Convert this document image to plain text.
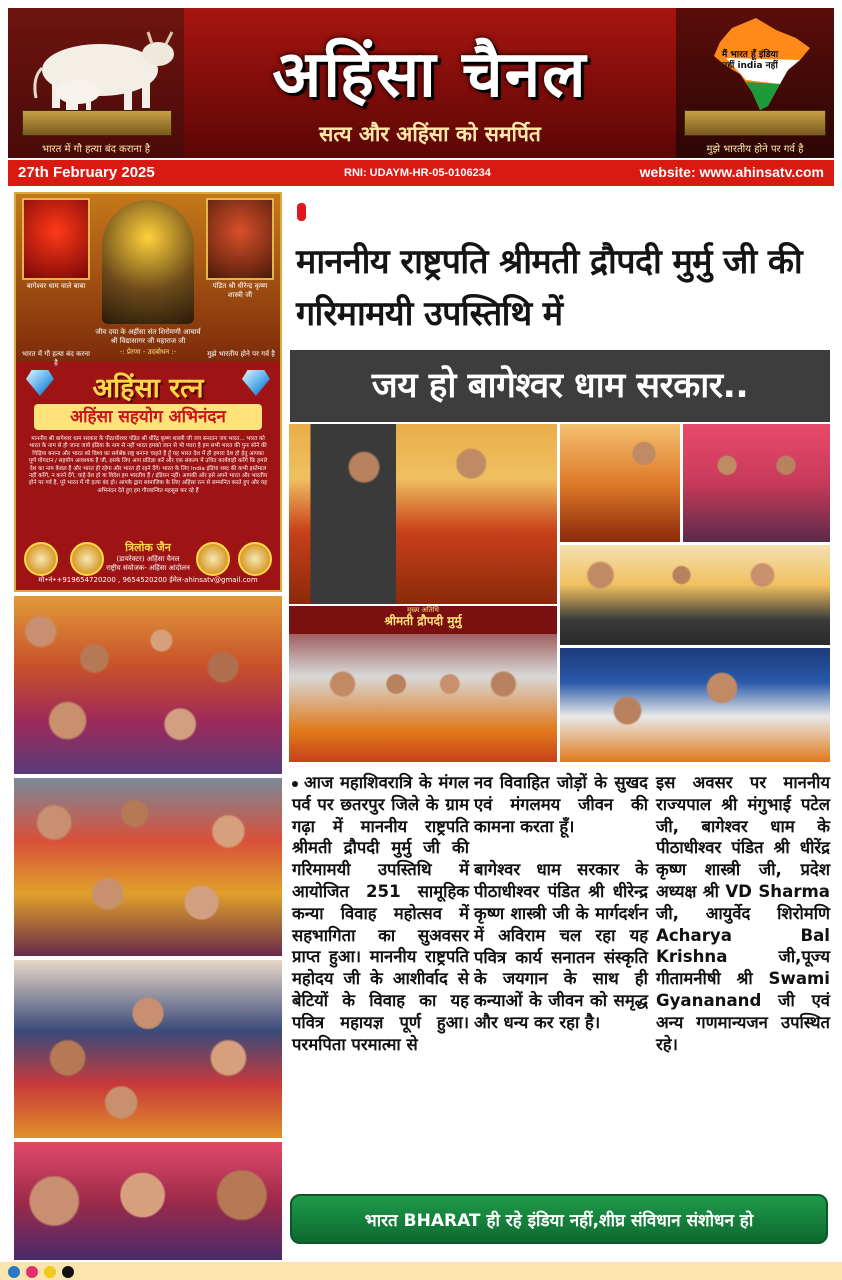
भारत में गौ हत्या बंद कराना है
अहिंसा चैनल
सत्य और अहिंसा को समर्पित
मैं भारत हूँ इंडिया नहीं india नहीं
मुझे भारतीय होने पर गर्व है
27th February 2025	RNI: UDAYM-HR-05-0106234	website: www.ahinsatv.com
बागेश्वर धाम वाले बाबा	पंडित श्री धीरेन्द्र कृष्ण शास्त्री जी
जीव दया के अहींसा संत शिरोमणी आचार्य श्री विद्यासागर जी महाराज जी
-: प्रेरणा - उदबोधन :-
भारत में गौ हत्या बंद करना है
मुझे भारतीय होने पर गर्व है
अहिंसा रत्न
अहिंसा सहयोग अभिनंदन
माननीय श्री बागेश्वर धाम सरकार के पीठाधीश्वर पंडित श्री धीरेंद्र कृष्ण शास्त्री जी जय सनातन जय भारत... भारत को भारत के नाम से ही जाना जाये इंडिया के नाम से नहीं भारत हमको जान से भी प्यारा है हम सभी भारत की पुनः सोने की चिड़िया बनाना और भारत को विश्व का सर्वश्रेष्ठ राष्ट्र बनाना चाहते हैं हूँ यह भारत देश में ही हमारा देश हो हेतु आपका पूर्ण योगदान / सहयोग आवश्यक है जी, इसके लिए आप प्रतिज्ञा करें और एक संकल्प में उचित कार्यवाही करेंगे कि हमारे देश का नाम केवल है और भारत ही रहेगा और भारत ही रहने देंगे। भारत के लिए India इंडिया शब्द की कभी इस्तेमाल नहीं करेंगे, न करने देंगे, चाहे देश हो या विदेश हम भारतीय हैं / इंडियन नहीं। आपकी ओर इसे अपने भारत और भारतीय होने पर गर्व है, पूरे भारत में गौ हत्या बंद हो। आपके द्वारा सामाजिक के लिए अहिंसा रत्न से सम्मानित करते हुए और यह अभिनंदन देते हुए हम गौरवान्वित महसूस कर रहे हैं
त्रिलोक जैन
(डायरेक्टर) अहिंसा चैनल
राष्ट्रीय संयोजक- अहिंसा आंदोलन
मो•नं•+919654720200 , 9654520200 ईमेल-ahinsatv@gmail.com
माननीय राष्ट्रपति श्रीमती द्रौपदी मुर्मु जी की गरिमामयी उपस्तिथि में
जय हो बागेश्वर धाम सरकार..
मुख्य अतिथि
श्रीमती द्रौपदी मुर्मु
आज महाशिवरात्रि के मंगल पर्व पर छतरपुर जिले के ग्राम गढ़ा में माननीय राष्ट्रपति श्रीमती द्रौपदी मुर्मु जी की गरिमामयी उपस्तिथि में आयोजित 251 सामूहिक कन्या विवाह महोत्सव में सहभागिता का सुअवसर प्राप्त हुआ। माननीय राष्ट्रपति महोदय जी के आशीर्वाद से बेटियों के विवाह का यह पवित्र महायज्ञ पूर्ण हुआ। परमपिता परमात्मा से
नव विवाहित जोड़ों के सुखद एवं मंगलमय जीवन की कामना करता हूँ।
बागेश्वर धाम सरकार के पीठाधीश्वर पंडित श्री धीरेन्द्र कृष्ण शास्त्री जी के मार्गदर्शन में अविराम चल रहा यह पवित्र कार्य सनातन संस्कृति के जयगान के साथ ही कन्याओं के जीवन को समृद्ध और धन्य कर रहा है।
इस अवसर पर माननीय राज्यपाल श्री मंगुभाई पटेल जी, बागेश्वर धाम के पीठाधीश्वर पंडित श्री धीरेंद्र कृष्ण शास्त्री जी, प्रदेश अध्यक्ष श्री VD Sharma जी, आयुर्वेद शिरोमणि Acharya Bal Krishna जी,पूज्य गीतामनीषी श्री Swami Gyananand जी एवं अन्य गणमान्यजन उपस्थित रहे।
भारत BHARAT ही रहे इंडिया नहीं,शीघ्र संविधान संशोधन हो
